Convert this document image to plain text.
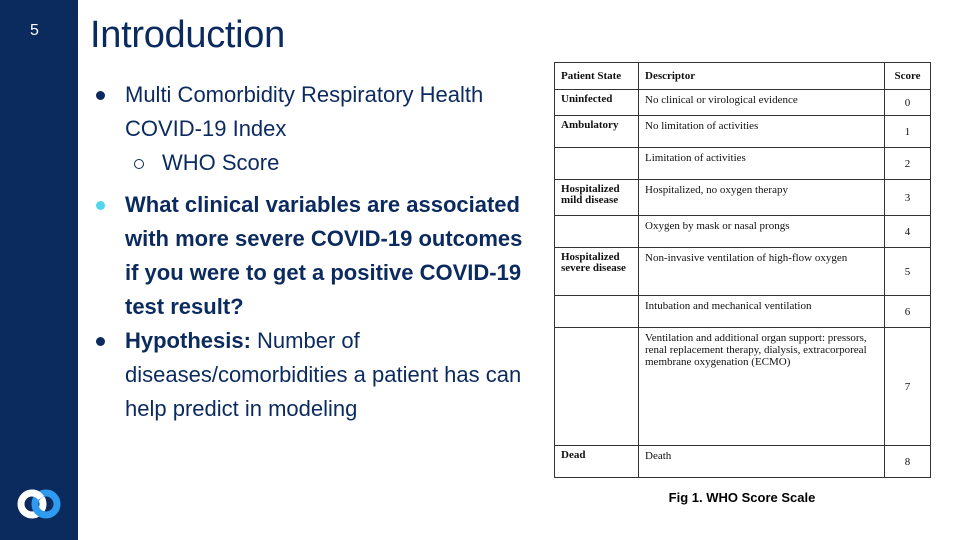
5 Introduction
Multi Comorbidity Respiratory Health COVID-19 Index
WHO Score
What clinical variables are associated with more severe COVID-19 outcomes if you were to get a positive COVID-19 test result?
Hypothesis: Number of diseases/comorbidities a patient has can help predict in modeling
Patient State	Descriptor	Score
Uninfected	No clinical or virological evidence	0
Ambulatory	No limitation of activities	1
	Limitation of activities	2
Hospitalized mild disease	Hospitalized, no oxygen therapy	3
	Oxygen by mask or nasal prongs	4
Hospitalized severe disease	Non-invasive ventilation of high-flow oxygen	5
	Intubation and mechanical ventilation	6
	Ventilation and additional organ support: pressors, renal replacement therapy, dialysis, extracorporeal membrane oxygenation (ECMO)	7
Dead	Death	8
Fig 1. WHO Score Scale
